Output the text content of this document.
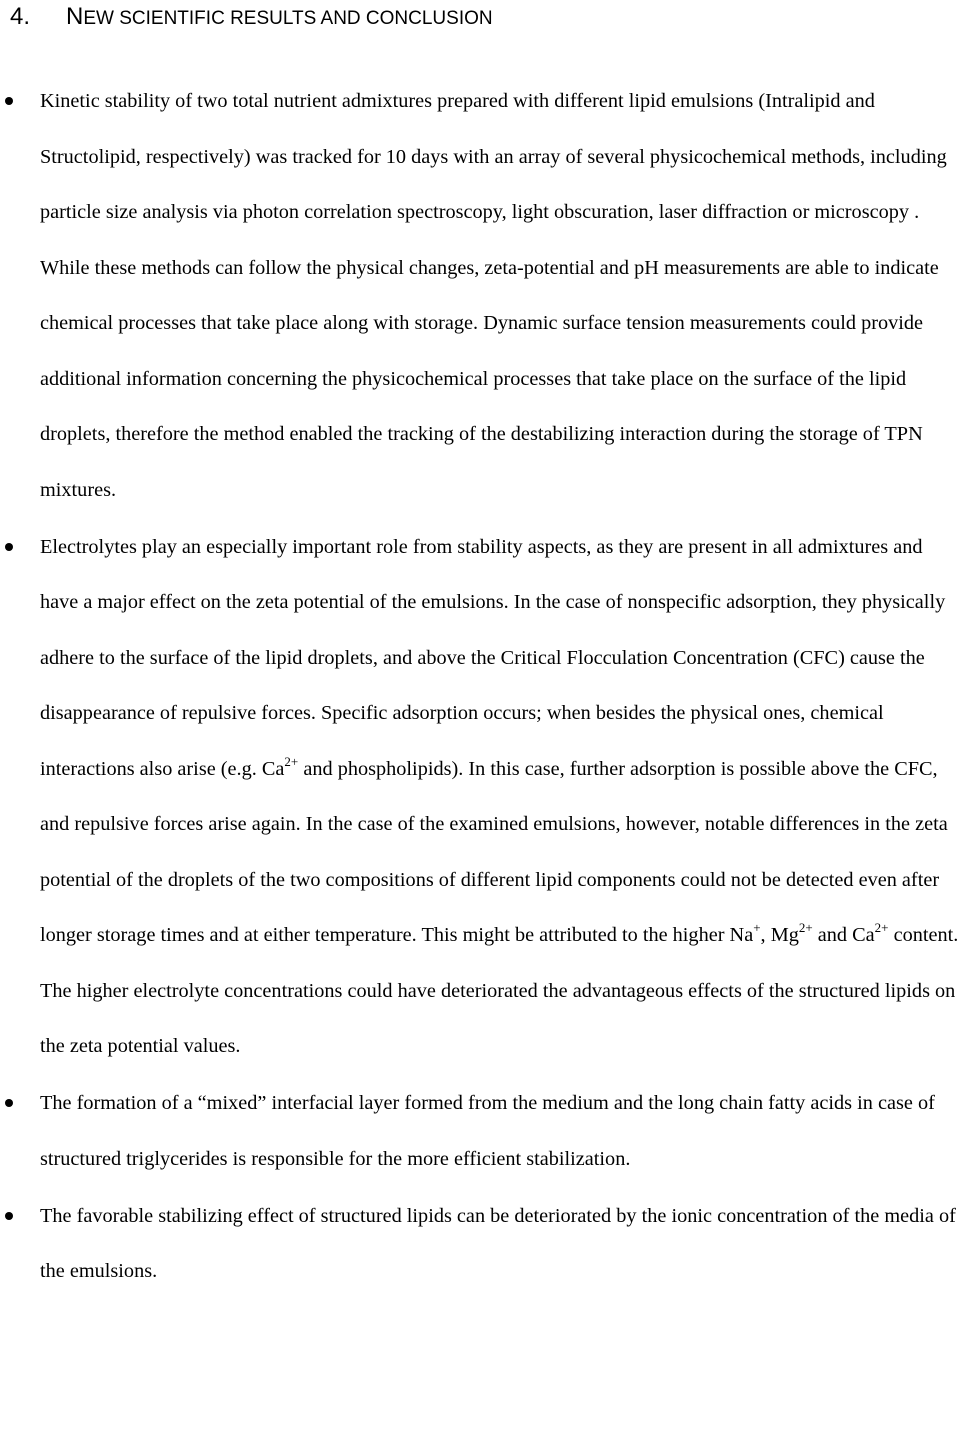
4. NEW SCIENTIFIC RESULTS AND CONCLUSION
Kinetic stability of two total nutrient admixtures prepared with different lipid emulsions (Intralipid and Structolipid, respectively) was tracked for 10 days with an array of several physicochemical methods, including particle size analysis via photon correlation spectroscopy, light obscuration, laser diffraction or microscopy . While these methods can follow the physical changes, zeta-potential and pH measurements are able to indicate chemical processes that take place along with storage. Dynamic surface tension measurements could provide additional information concerning the physicochemical processes that take place on the surface of the lipid droplets, therefore the method enabled the tracking of the destabilizing interaction during the storage of TPN mixtures.
Electrolytes play an especially important role from stability aspects, as they are present in all admixtures and have a major effect on the zeta potential of the emulsions. In the case of nonspecific adsorption, they physically adhere to the surface of the lipid droplets, and above the Critical Flocculation Concentration (CFC) cause the disappearance of repulsive forces. Specific adsorption occurs; when besides the physical ones, chemical interactions also arise (e.g. $Ca^{2+}$ and phospholipids). In this case, further adsorption is possible above the CFC, and repulsive forces arise again. In the case of the examined emulsions, however, notable differences in the zeta potential of the droplets of the two compositions of different lipid components could not be detected even after longer storage times and at either temperature. This might be attributed to the higher Na+, $Mg^{2+}$ and $Ca^{2+}$ content. The higher electrolyte concentrations could have deteriorated the advantageous effects of the structured lipids on the zeta potential values.
The formation of a “mixed” interfacial layer formed from the medium and the long chain fatty acids in case of structured triglycerides is responsible for the more efficient stabilization.
The favorable stabilizing effect of structured lipids can be deteriorated by the ionic concentration of the media of the emulsions.
